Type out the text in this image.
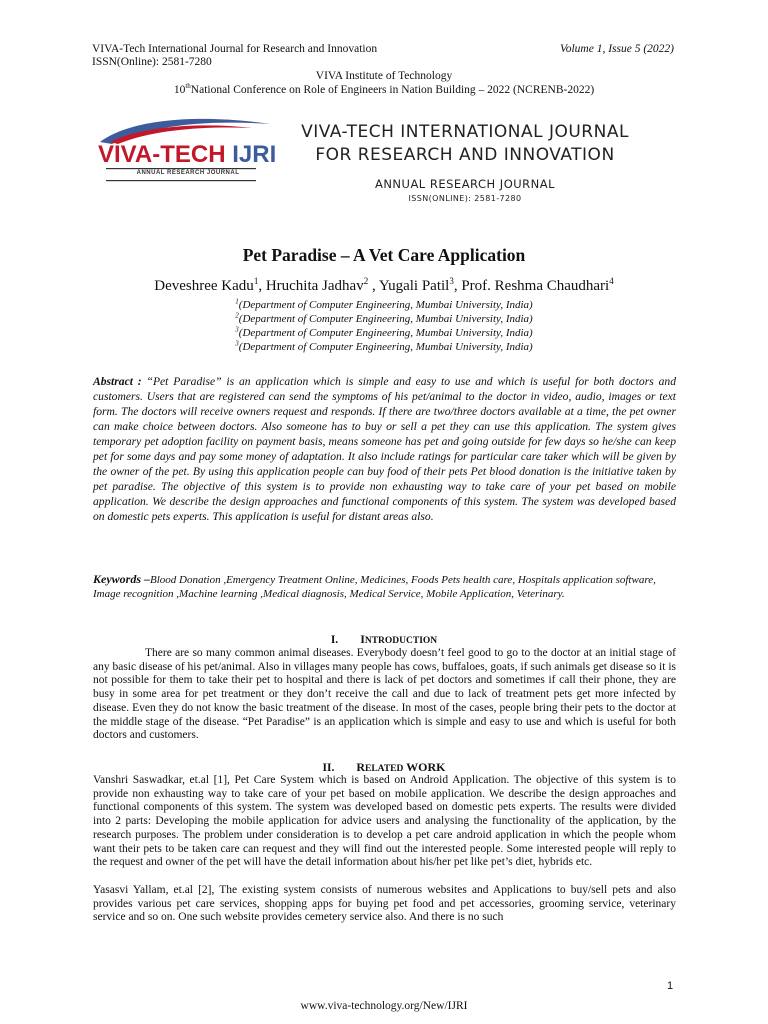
VIVA-Tech International Journal for Research and Innovation
ISSN(Online): 2581-7280
Volume 1, Issue 5 (2022)
VIVA Institute of Technology
10thNational Conference on Role of Engineers in Nation Building – 2022 (NCRENB-2022)
VIVA-TECH IJRI
ANNUAL RESEARCH JOURNAL
VIVA-TECH INTERNATIONAL JOURNAL
FOR RESEARCH AND INNOVATION
ANNUAL RESEARCH JOURNAL
ISSN(ONLINE): 2581-7280
Pet Paradise – A Vet Care Application
Deveshree Kadu$^1$, Hruchita Jadhav$^2$ , Yugali Patil$^3$, Prof. Reshma Chaudhari$^4$
$^1$(Department of Computer Engineering, Mumbai University, India)
$^2$(Department of Computer Engineering, Mumbai University, India)
$^3$(Department of Computer Engineering, Mumbai University, India)
$^3$(Department of Computer Engineering, Mumbai University, India)
Abstract : “Pet Paradise” is an application which is simple and easy to use and which is useful for both doctors and customers. Users that are registered can send the symptoms of his pet/animal to the doctor in video, audio, images or text form. The doctors will receive owners request and responds. If there are two/three doctors available at a time, the pet owner can make choice between doctors. Also someone has to buy or sell a pet they can use this application. The system gives temporary pet adoption facility on payment basis, means someone has pet and going outside for few days so he/she can keep pet for some days and pay some money of adaptation. It also include ratings for particular care taker which will be given by the owner of the pet. By using this application people can buy food of their pets Pet blood donation is the initiative taken by pet paradise. The objective of this system is to provide non exhausting way to take care of your pet based on mobile application. We describe the design approaches and functional components of this system. The system was developed based on domestic pets experts. This application is useful for distant areas also.
Keywords –Blood Donation ,Emergency Treatment Online, Medicines, Foods Pets health care, Hospitals application software, Image recognition ,Machine learning ,Medical diagnosis, Medical Service, Mobile Application, Veterinary.
I. INTRODUCTION
There are so many common animal diseases. Everybody doesn’t feel good to go to the doctor at an initial stage of any basic disease of his pet/animal. Also in villages many people has cows, buffaloes, goats, if such animals get disease so it is not possible for them to take their pet to hospital and there is lack of pet doctors and sometimes if call their phone, they are busy in some area for pet treatment or they don’t receive the call and due to lack of treatment pets get more infected by disease. Even they do not know the basic treatment of the disease. In most of the cases, people bring their pets to the doctor at the middle stage of the disease. “Pet Paradise” is an application which is simple and easy to use and which is useful for both doctors and customers.
II. RELATED WORK
Vanshri Saswadkar, et.al [1], Pet Care System which is based on Android Application. The objective of this system is to provide non exhausting way to take care of your pet based on mobile application. We describe the design approaches and functional components of this system. The system was developed based on domestic pets experts. The results were divided into 2 parts: Developing the mobile application for advice users and analysing the functionality of the application, by the research purposes. The problem under consideration is to develop a pet care android application in which the people whom want their pets to be taken care can request and they will find out the interested people. Some interested people will reply to the request and owner of the pet will have the detail information about his/her pet like pet’s diet, hybrids etc.
Yasasvi Yallam, et.al [2], The existing system consists of numerous websites and Applications to buy/sell pets and also provides various pet care services, shopping apps for buying pet food and pet accessories, grooming service, veterinary service and so on. One such website provides cemetery service also. And there is no such
1
www.viva-technology.org/New/IJRI
